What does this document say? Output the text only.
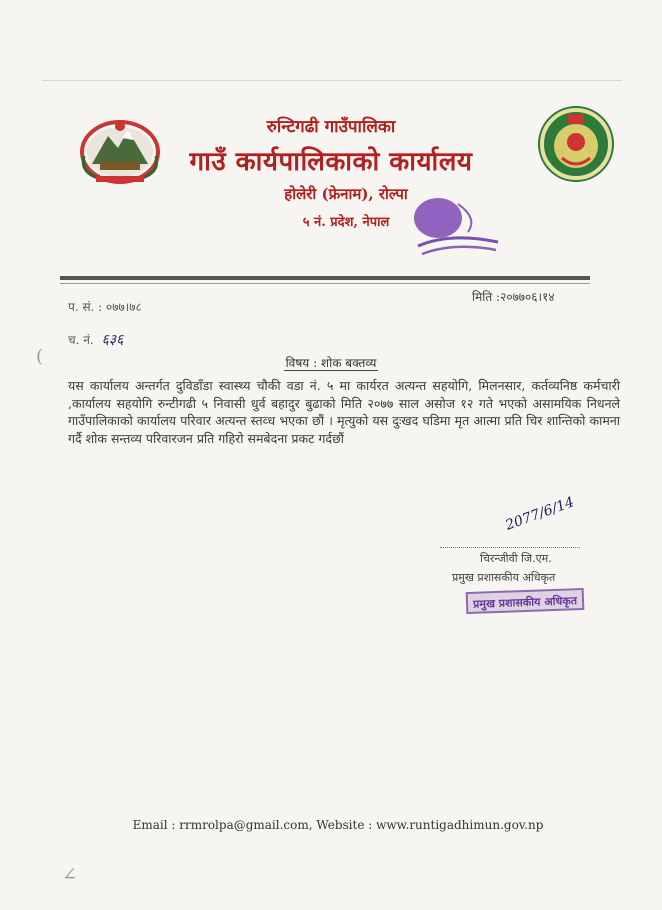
रुन्टिगढी गाउँपालिका
गाउँ कार्यपालिकाको कार्यालय
होलेरी (फ्रेनाम), रोल्पा
५ नं. प्रदेश, नेपाल
मिति :२०७७०६।१४
प. सं. : ०७७।७८
च. नं. ६३६
विषय : शोक बक्तव्य

यस कार्यालय अन्तर्गत दुविडाँडा स्वास्थ्य चौकी वडा नं. ५ मा कार्यरत अत्यन्त सहयोगि, मिलनसार, कर्तव्यनिष्ठ कर्मचारी ,कार्यालय सहयोगि रुन्टीगढी ५ निवासी धुर्व बहादुर बुढाको मिति २०७७ साल असोज १२ गते भएको असामयिक निधनले गाउँपालिकाको कार्यालय परिवार अत्यन्त स्तव्ध भएका छौं । मृत्युको यस दुःखद घडिमा मृत आत्मा प्रति चिर शान्तिको कामना गर्दै शोक सन्तव्य परिवारजन प्रति गहिरो समबेदना प्रकट गर्दछौं

2077/6/14
चिरन्जीवी जि.एम.
प्रमुख प्रशासकीय अधिकृत
प्रमुख प्रशासकीय अधिकृत
Email : rrmrolpa@gmail.com, Website : www.runtigadhimun.gov.np
(
∠
